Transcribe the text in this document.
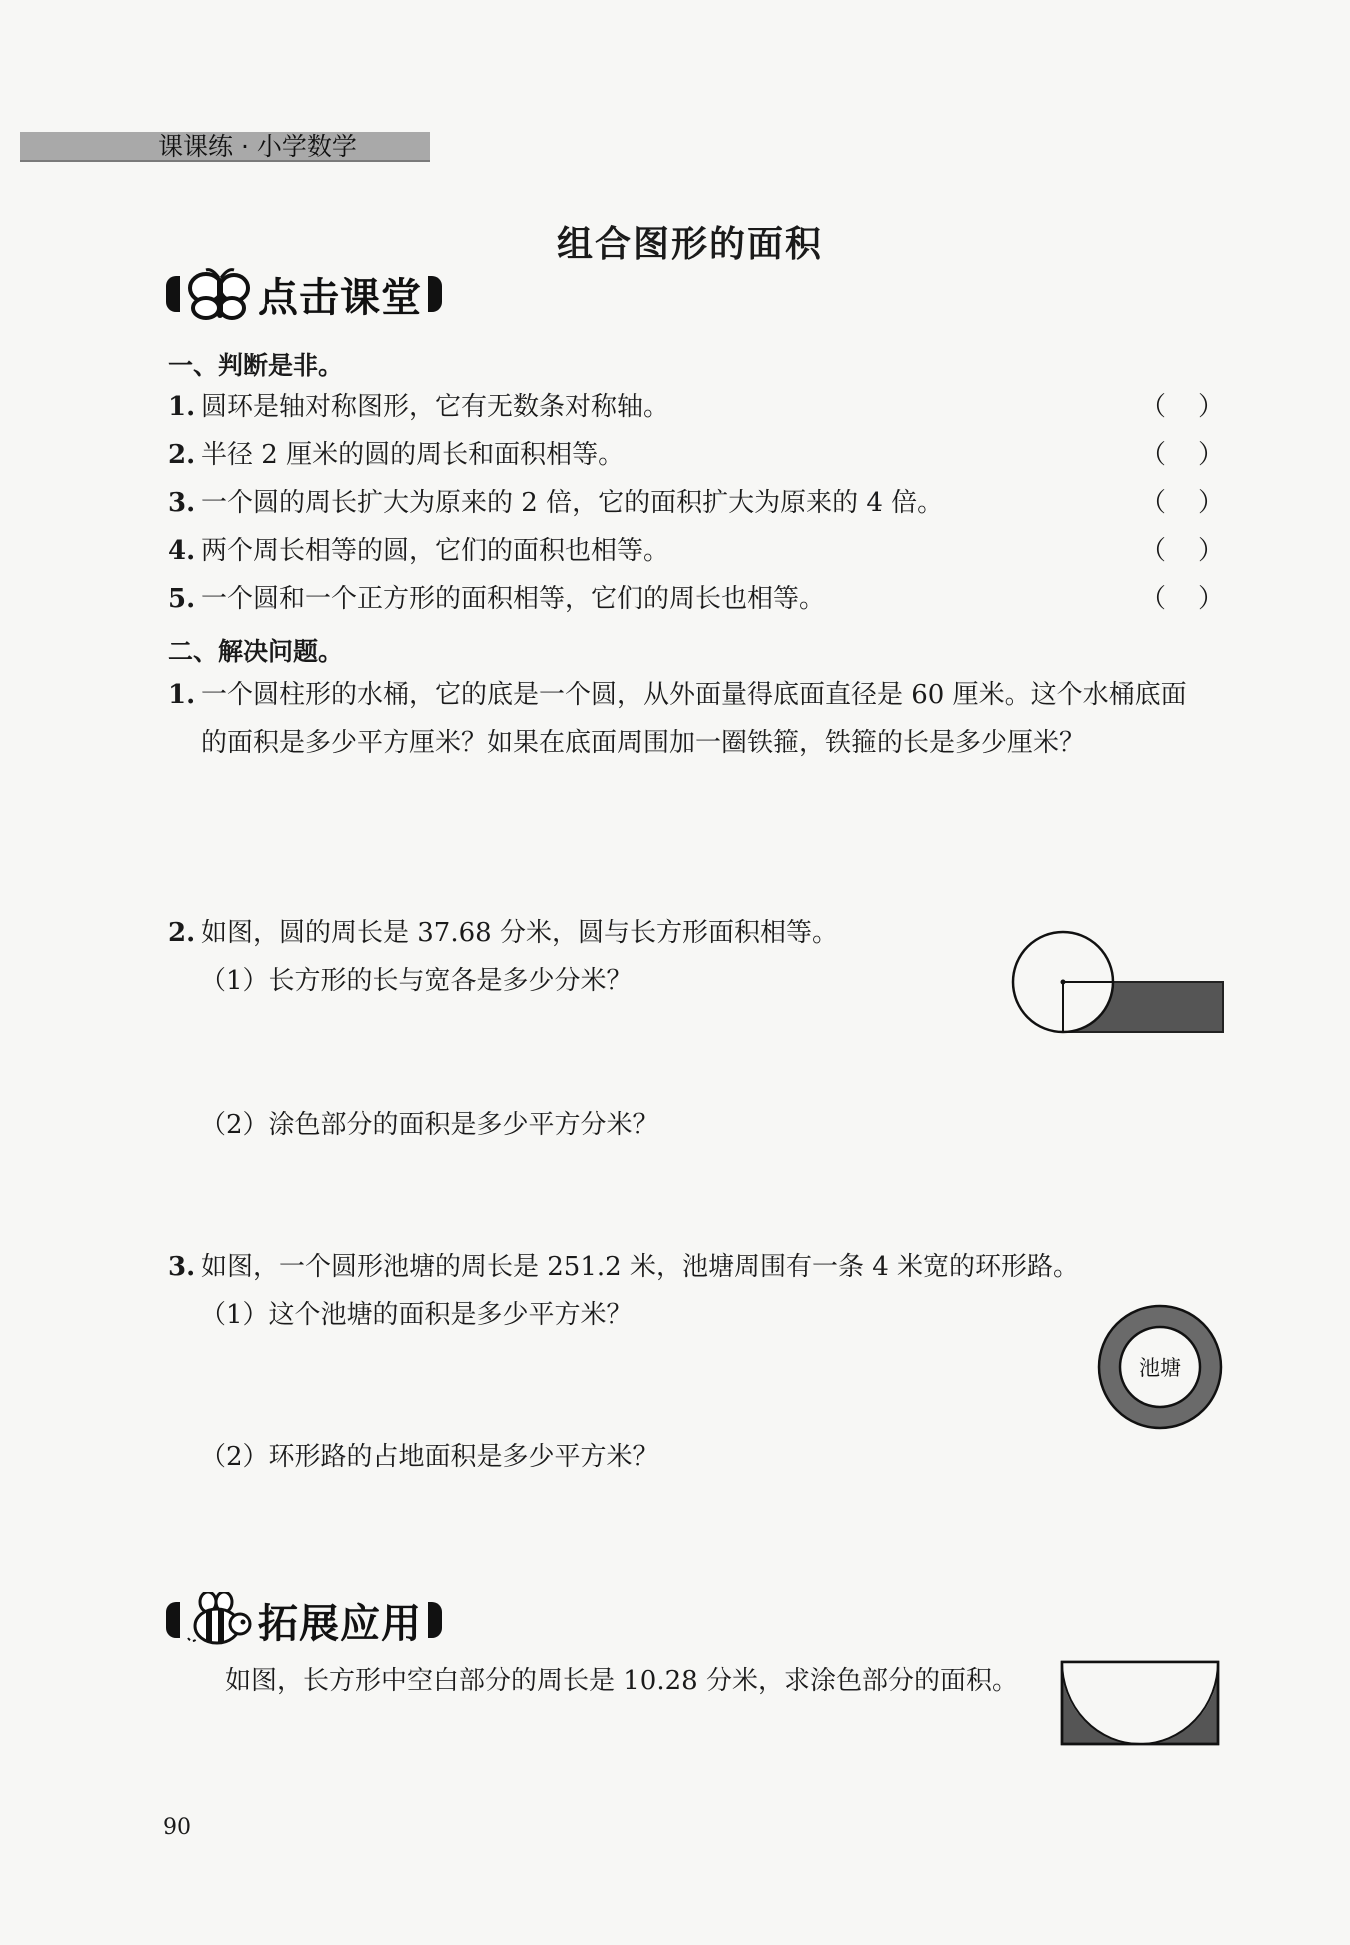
课课练 · 小学数学
组合图形的面积
点击课堂
一、判断是非。
1. 圆环是轴对称图形，它有无数条对称轴。	（ ）
2. 半径 2 厘米的圆的周长和面积相等。	（ ）
3. 一个圆的周长扩大为原来的 2 倍，它的面积扩大为原来的 4 倍。	（ ）
4. 两个周长相等的圆，它们的面积也相等。	（ ）
5. 一个圆和一个正方形的面积相等，它们的周长也相等。	（ ）
二、解决问题。
1. 一个圆柱形的水桶，它的底是一个圆，从外面量得底面直径是 60 厘米。这个水桶底面
的面积是多少平方厘米？如果在底面周围加一圈铁箍，铁箍的长是多少厘米？
2. 如图，圆的周长是 37.68 分米，圆与长方形面积相等。
（1）长方形的长与宽各是多少分米？
（2）涂色部分的面积是多少平方分米？
3. 如图，一个圆形池塘的周长是 251.2 米，池塘周围有一条 4 米宽的环形路。
（1）这个池塘的面积是多少平方米？
（2）环形路的占地面积是多少平方米？
池塘
拓展应用
如图，长方形中空白部分的周长是 10.28 分米，求涂色部分的面积。
90
